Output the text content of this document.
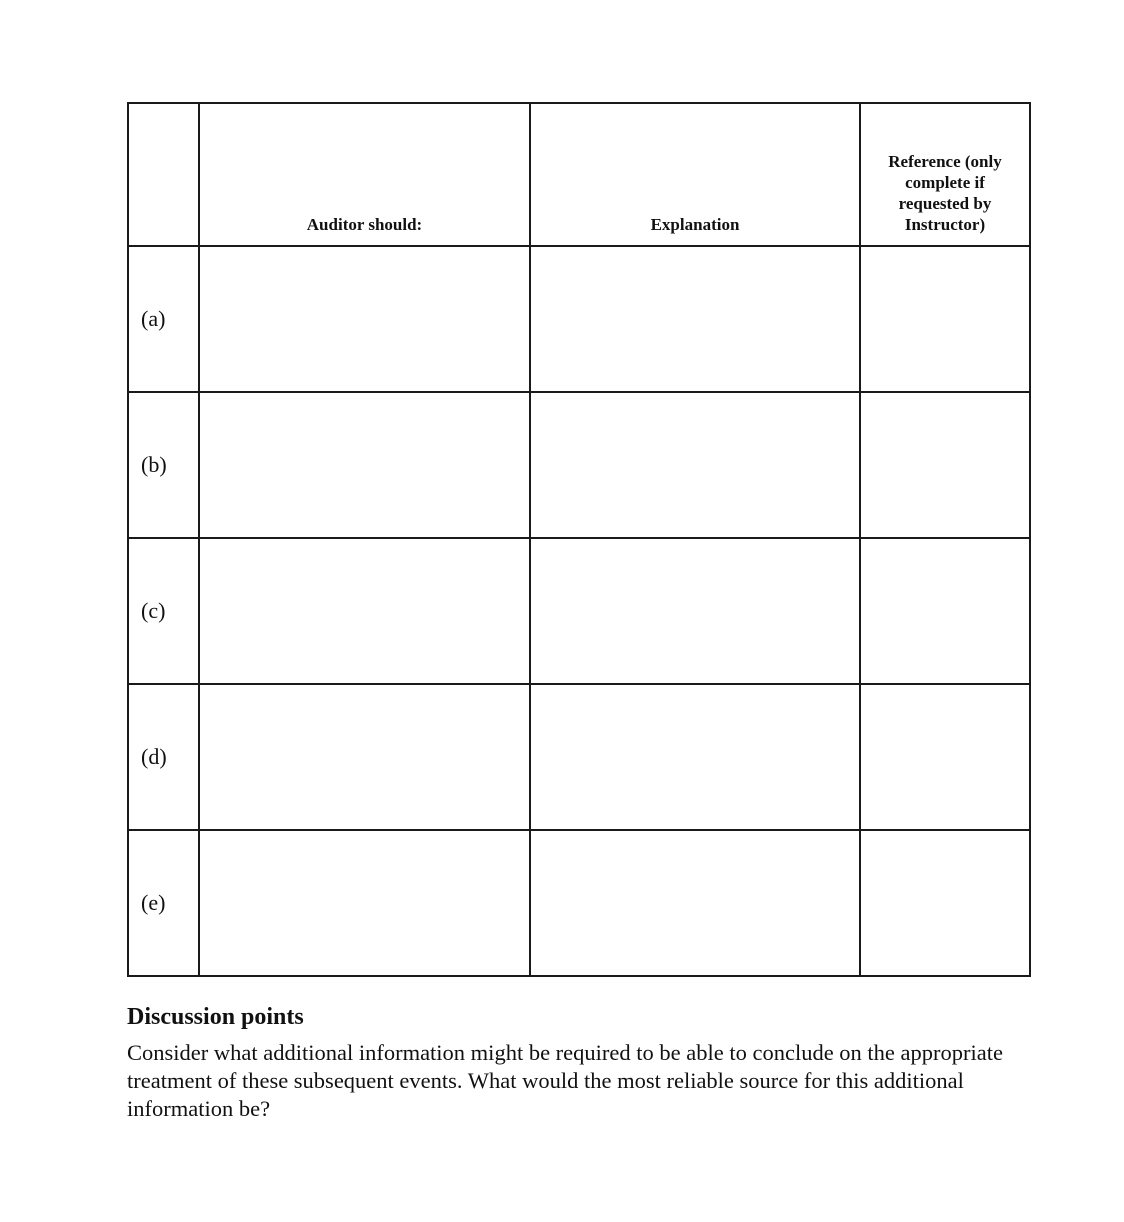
	Auditor should:	Explanation	Reference (only complete if requested by Instructor)
(a)			
(b)			
(c)			
(d)			
(e)			
Discussion points

Consider what additional information might be required to be able to conclude on the appropriate treatment of these subsequent events. What would the most reliable source for this additional information be?
